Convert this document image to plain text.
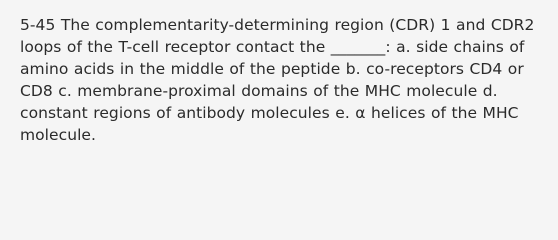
5-45 The complementarity-determining region (CDR) 1 and CDR2 loops of the T-cell receptor contact the _______: a. side chains of amino acids in the middle of the peptide b. co-receptors CD4 or CD8 c. membrane-proximal domains of the MHC molecule d. constant regions of antibody molecules e. α helices of the MHC molecule.
